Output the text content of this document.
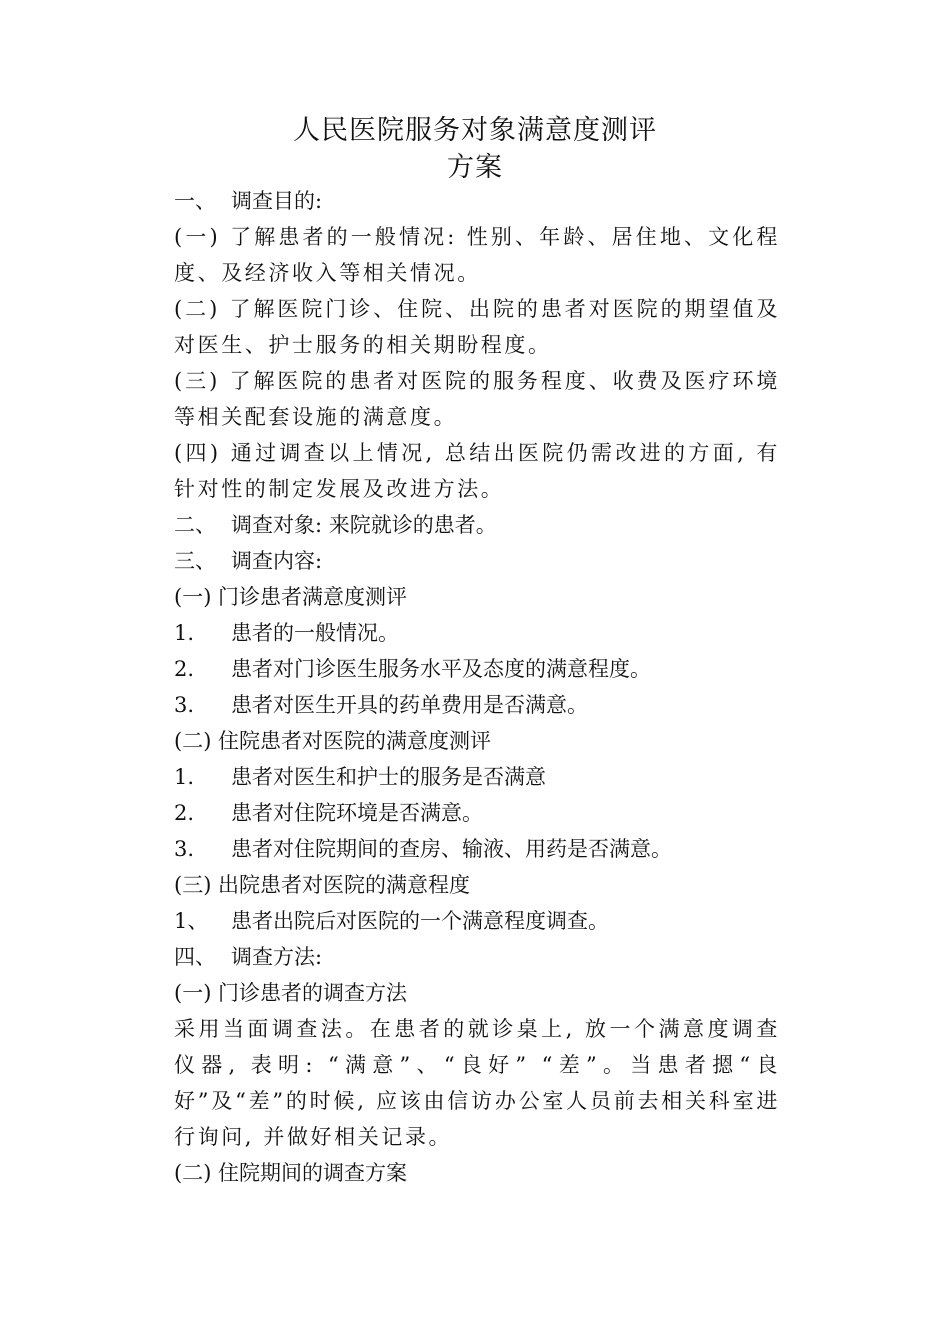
人民医院服务对象满意度测评
方案
一、 调查目的:
(一) 了解患者的一般情况: 性别、年龄、居住地、文化程度、及经济收入等相关情况。
(二) 了解医院门诊、住院、出院的患者对医院的期望值及对医生、护士服务的相关期盼程度。
(三) 了解医院的患者对医院的服务程度、收费及医疗环境等相关配套设施的满意度。
(四) 通过调查以上情况, 总结出医院仍需改进的方面, 有针对性的制定发展及改进方法。
二、 调查对象: 来院就诊的患者。
三、 调查内容:
(一) 门诊患者满意度测评
1. 患者的一般情况。
2. 患者对门诊医生服务水平及态度的满意程度。
3. 患者对医生开具的药单费用是否满意。
(二) 住院患者对医院的满意度测评
1. 患者对医生和护士的服务是否满意
2. 患者对住院环境是否满意。
3. 患者对住院期间的查房、输液、用药是否满意。
(三) 出院患者对医院的满意程度
1、 患者出院后对医院的一个满意程度调查。
四、 调查方法:
(一) 门诊患者的调查方法
采用当面调查法。在患者的就诊桌上, 放一个满意度调查仪器, 表明: “满意”、“良好” “差”。当患者摁“良好”及“差”的时候, 应该由信访办公室人员前去相关科室进行询问, 并做好相关记录。
(二) 住院期间的调查方案
